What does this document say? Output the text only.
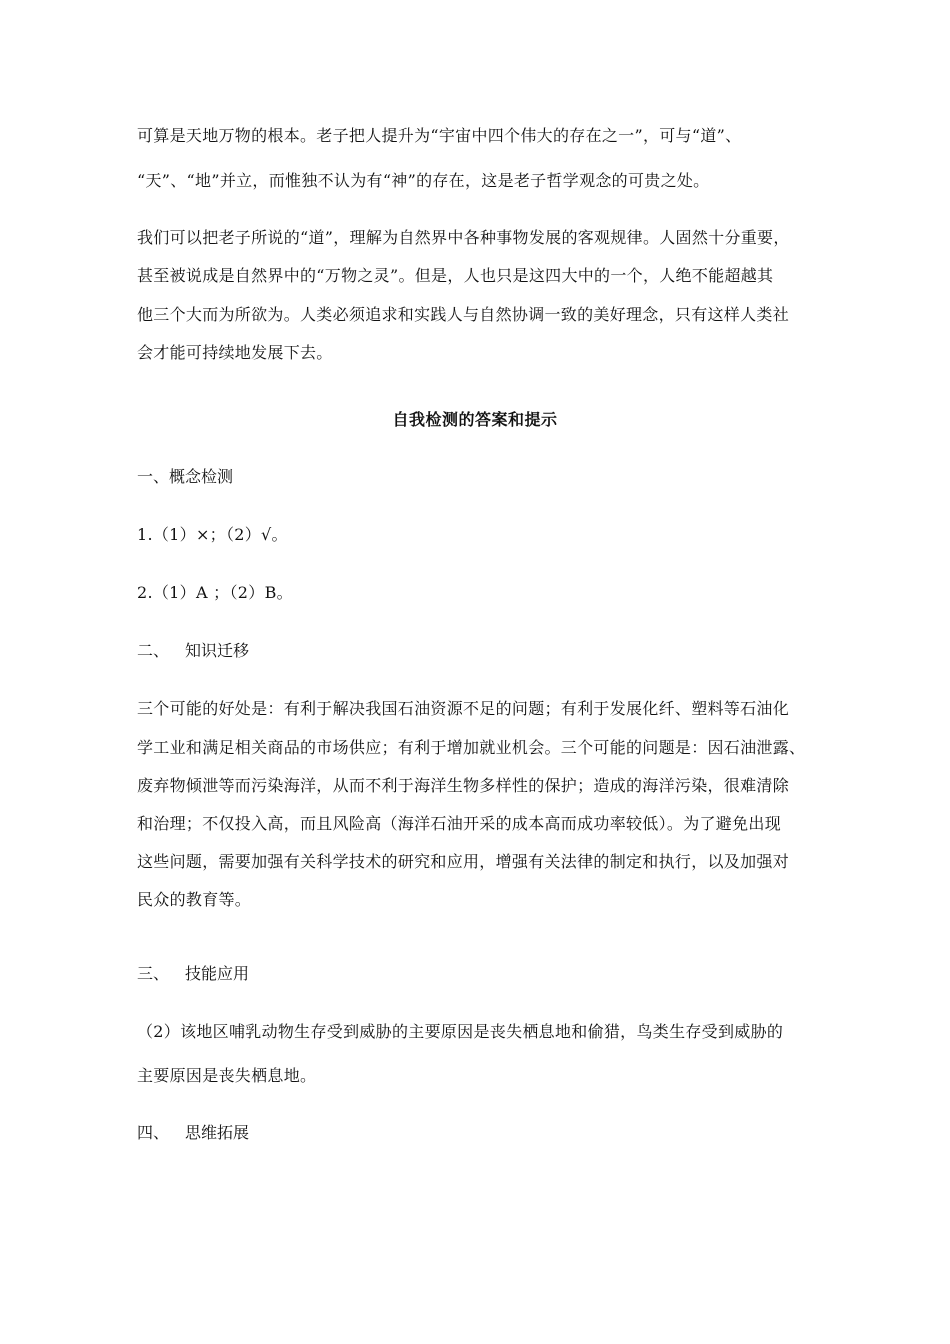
可算是天地万物的根本。老子把人提升为“宇宙中四个伟大的存在之一”，可与“道”、
“天”、“地”并立，而惟独不认为有“神”的存在，这是老子哲学观念的可贵之处。
我们可以把老子所说的“道”，理解为自然界中各种事物发展的客观规律。人固然十分重要，
甚至被说成是自然界中的“万物之灵”。但是，人也只是这四大中的一个，人绝不能超越其
他三个大而为所欲为。人类必须追求和实践人与自然协调一致的美好理念，只有这样人类社
会才能可持续地发展下去。
自我检测的答案和提示
一、概念检测
1.（1）×；（2）√。
2.（1）A ；（2）B。
二、 知识迁移
三个可能的好处是：有利于解决我国石油资源不足的问题；有利于发展化纤、塑料等石油化
学工业和满足相关商品的市场供应；有利于增加就业机会。三个可能的问题是：因石油泄露、
废弃物倾泄等而污染海洋，从而不利于海洋生物多样性的保护；造成的海洋污染，很难清除
和治理；不仅投入高，而且风险高（海洋石油开采的成本高而成功率较低）。为了避免出现
这些问题，需要加强有关科学技术的研究和应用，增强有关法律的制定和执行，以及加强对
民众的教育等。
三、 技能应用
（2）该地区哺乳动物生存受到威胁的主要原因是丧失栖息地和偷猎，鸟类生存受到威胁的
主要原因是丧失栖息地。
四、 思维拓展
